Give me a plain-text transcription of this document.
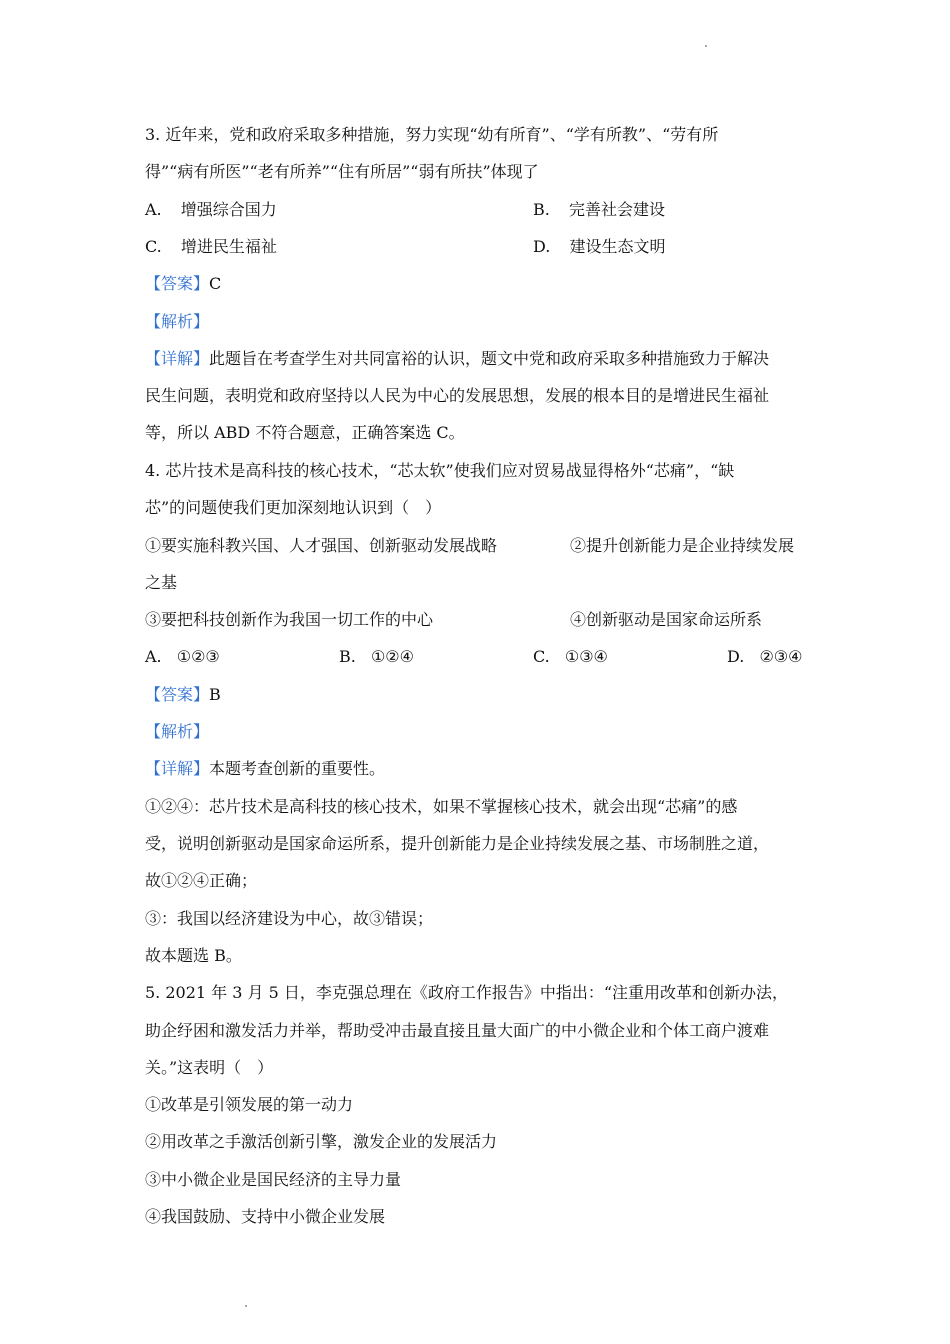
3. 近年来，党和政府采取多种措施，努力实现“幼有所育”、“学有所教”、“劳有所
得”“病有所医”“老有所养”“住有所居”“弱有所扶”体现了
A. 增强综合国力	B. 完善社会建设
C. 增进民生福祉	D. 建设生态文明
【答案】C
【解析】
【详解】此题旨在考查学生对共同富裕的认识，题文中党和政府采取多种措施致力于解决
民生问题，表明党和政府坚持以人民为中心的发展思想，发展的根本目的是增进民生福祉
等，所以 ABD 不符合题意，正确答案选 C。
4. 芯片技术是高科技的核心技术，“芯太软”使我们应对贸易战显得格外“芯痛”，“缺
芯”的问题使我们更加深刻地认识到（　）
①要实施科教兴国、人才强国、创新驱动发展战略	②提升创新能力是企业持续发展
之基
③要把科技创新作为我国一切工作的中心	④创新驱动是国家命运所系
A. ①②③	B. ①②④	C. ①③④	D. ②③④
【答案】B
【解析】
【详解】本题考查创新的重要性。
①②④：芯片技术是高科技的核心技术，如果不掌握核心技术，就会出现“芯痛”的感
受，说明创新驱动是国家命运所系，提升创新能力是企业持续发展之基、市场制胜之道，
故①②④正确；
③：我国以经济建设为中心，故③错误；
故本题选 B。
5. 2021 年 3 月 5 日，李克强总理在《政府工作报告》中指出：“注重用改革和创新办法，
助企纾困和激发活力并举，帮助受冲击最直接且量大面广的中小微企业和个体工商户渡难
关。”这表明（　）
①改革是引领发展的第一动力
②用改革之手激活创新引擎，激发企业的发展活力
③中小微企业是国民经济的主导力量
④我国鼓励、支持中小微企业发展
